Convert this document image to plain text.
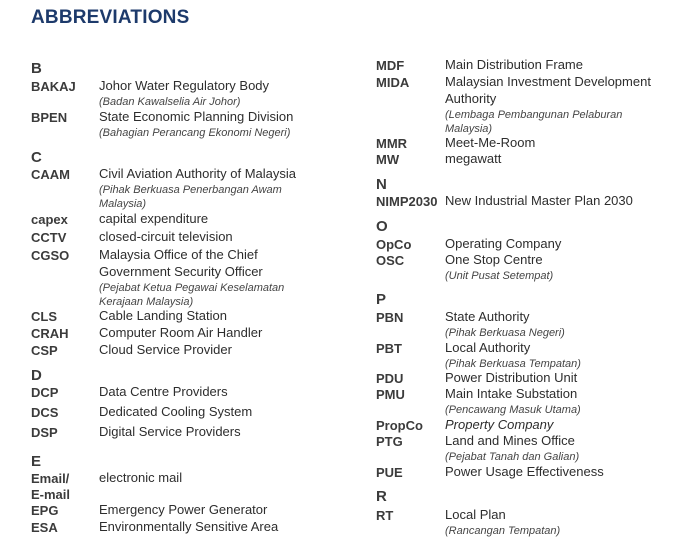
ABBREVIATIONS
B
BAKAJ Johor Water Regulatory Body
(Badan Kawalselia Air Johor)
BPEN State Economic Planning Division
(Bahagian Perancang Ekonomi Negeri)
C
CAAM Civil Aviation Authority of Malaysia
(Pihak Berkuasa Penerbangan Awam
Malaysia)
capex capital expenditure
CCTV	closed-circuit television
CGSO Malaysia Office of the Chief
Government Security Officer
(Pejabat Ketua Pegawai Keselamatan
Kerajaan Malaysia)
CLS	Cable Landing Station
CRAH Computer Room Air Handler
CSP	Cloud Service Provider
D
DCP	Data Centre Providers
DCS	Dedicated Cooling System
DSP	Digital Service Providers
E
Email/ electronic mail
E-mail
EPG	Emergency Power Generator
ESA	Environmentally Sensitive Area
MDF	Main Distribution Frame
MIDA	Malaysian Investment Development
Authority
(Lembaga Pembangunan Pelaburan
Malaysia)
MMR	Meet-Me-Room
MW	megawatt
N
NIMP2030 New Industrial Master Plan 2030
O
OpCo	Operating Company
OSC	One Stop Centre
(Unit Pusat Setempat)
P
PBN	State Authority
(Pihak Berkuasa Negeri)
PBT	Local Authority
(Pihak Berkuasa Tempatan)
PDU	Power Distribution Unit
PMU	Main Intake Substation
(Pencawang Masuk Utama)
PropCo Property Company
PTG	Land and Mines Office
(Pejabat Tanah dan Galian)
PUE	Power Usage Effectiveness
R
RT	Local Plan
(Rancangan Tempatan)
